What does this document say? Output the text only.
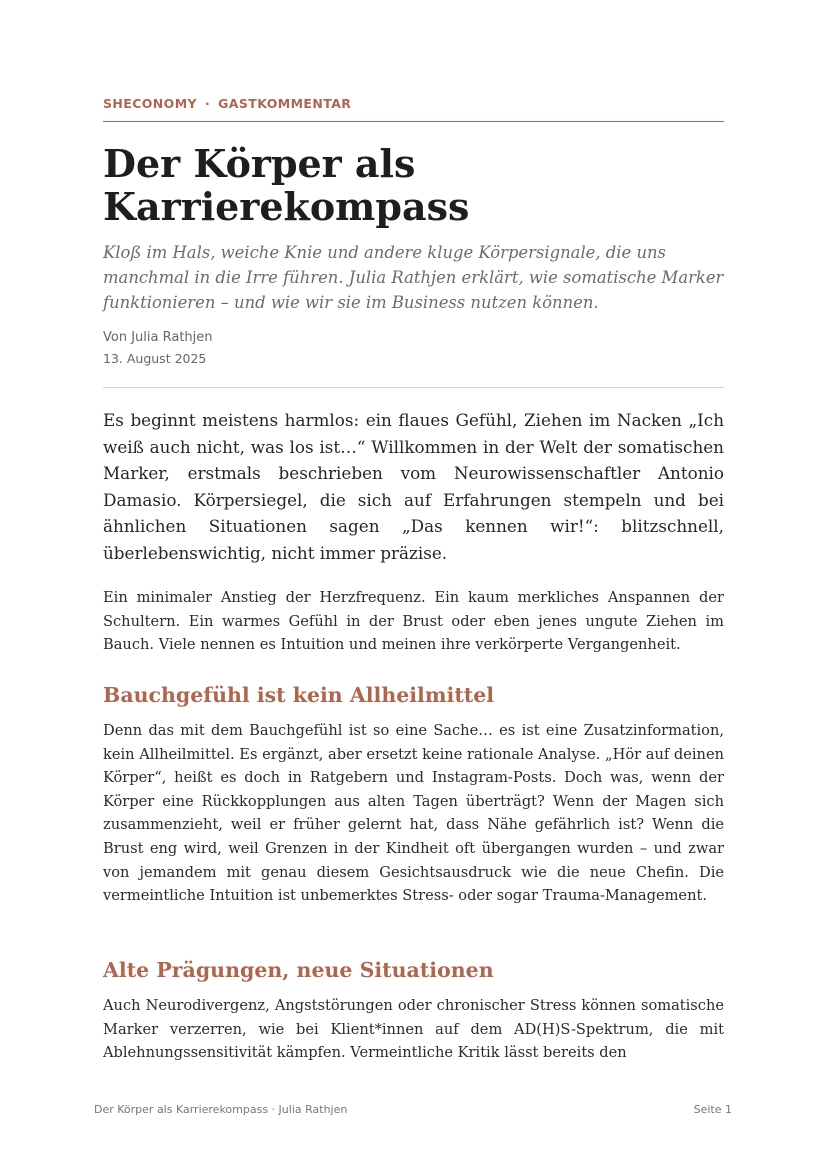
SHECONOMY · GASTKOMMENTAR
Der Körper als Karrierekompass

Kloß im Hals, weiche Knie und andere kluge Körpersignale, die uns manchmal in die Irre führen. Julia Rathjen erklärt, wie somatische Marker funktionieren – und wie wir sie im Business nutzen können.

Von Julia Rathjen
13. August 2025

Es beginnt meistens harmlos: ein flaues Gefühl, Ziehen im Nacken „Ich weiß auch nicht, was los ist…“ Willkommen in der Welt der somatischen Marker, erstmals beschrieben vom Neurowissenschaftler Antonio Damasio. Körpersiegel, die sich auf Erfahrungen stempeln und bei ähnlichen Situationen sagen „Das kennen wir!“: blitzschnell, überlebenswichtig, nicht immer präzise.

Ein minimaler Anstieg der Herzfrequenz. Ein kaum merkliches Anspannen der Schultern. Ein warmes Gefühl in der Brust oder eben jenes ungute Ziehen im Bauch. Viele nennen es Intuition und meinen ihre verkörperte Vergangenheit.

Bauchgefühl ist kein Allheilmittel

Denn das mit dem Bauchgefühl ist so eine Sache… es ist eine Zusatzinformation, kein Allheilmittel. Es ergänzt, aber ersetzt keine rationale Analyse. „Hör auf deinen Körper“, heißt es doch in Ratgebern und Instagram-Posts. Doch was, wenn der Körper eine Rückkopplungen aus alten Tagen überträgt? Wenn der Magen sich zusammenzieht, weil er früher gelernt hat, dass Nähe gefährlich ist? Wenn die Brust eng wird, weil Grenzen in der Kindheit oft übergangen wurden – und zwar von jemandem mit genau diesem Gesichtsausdruck wie die neue Chefin. Die vermeintliche Intuition ist unbemerktes Stress- oder sogar Trauma-Management.

Alte Prägungen, neue Situationen

Auch Neurodivergenz, Angststörungen oder chronischer Stress können somatische Marker verzerren, wie bei Klient*innen auf dem AD(H)S-Spektrum, die mit Ablehnungssensitivität kämpfen. Vermeintliche Kritik lässt bereits den

Der Körper als Karrierekompass · Julia Rathjen	Seite 1
